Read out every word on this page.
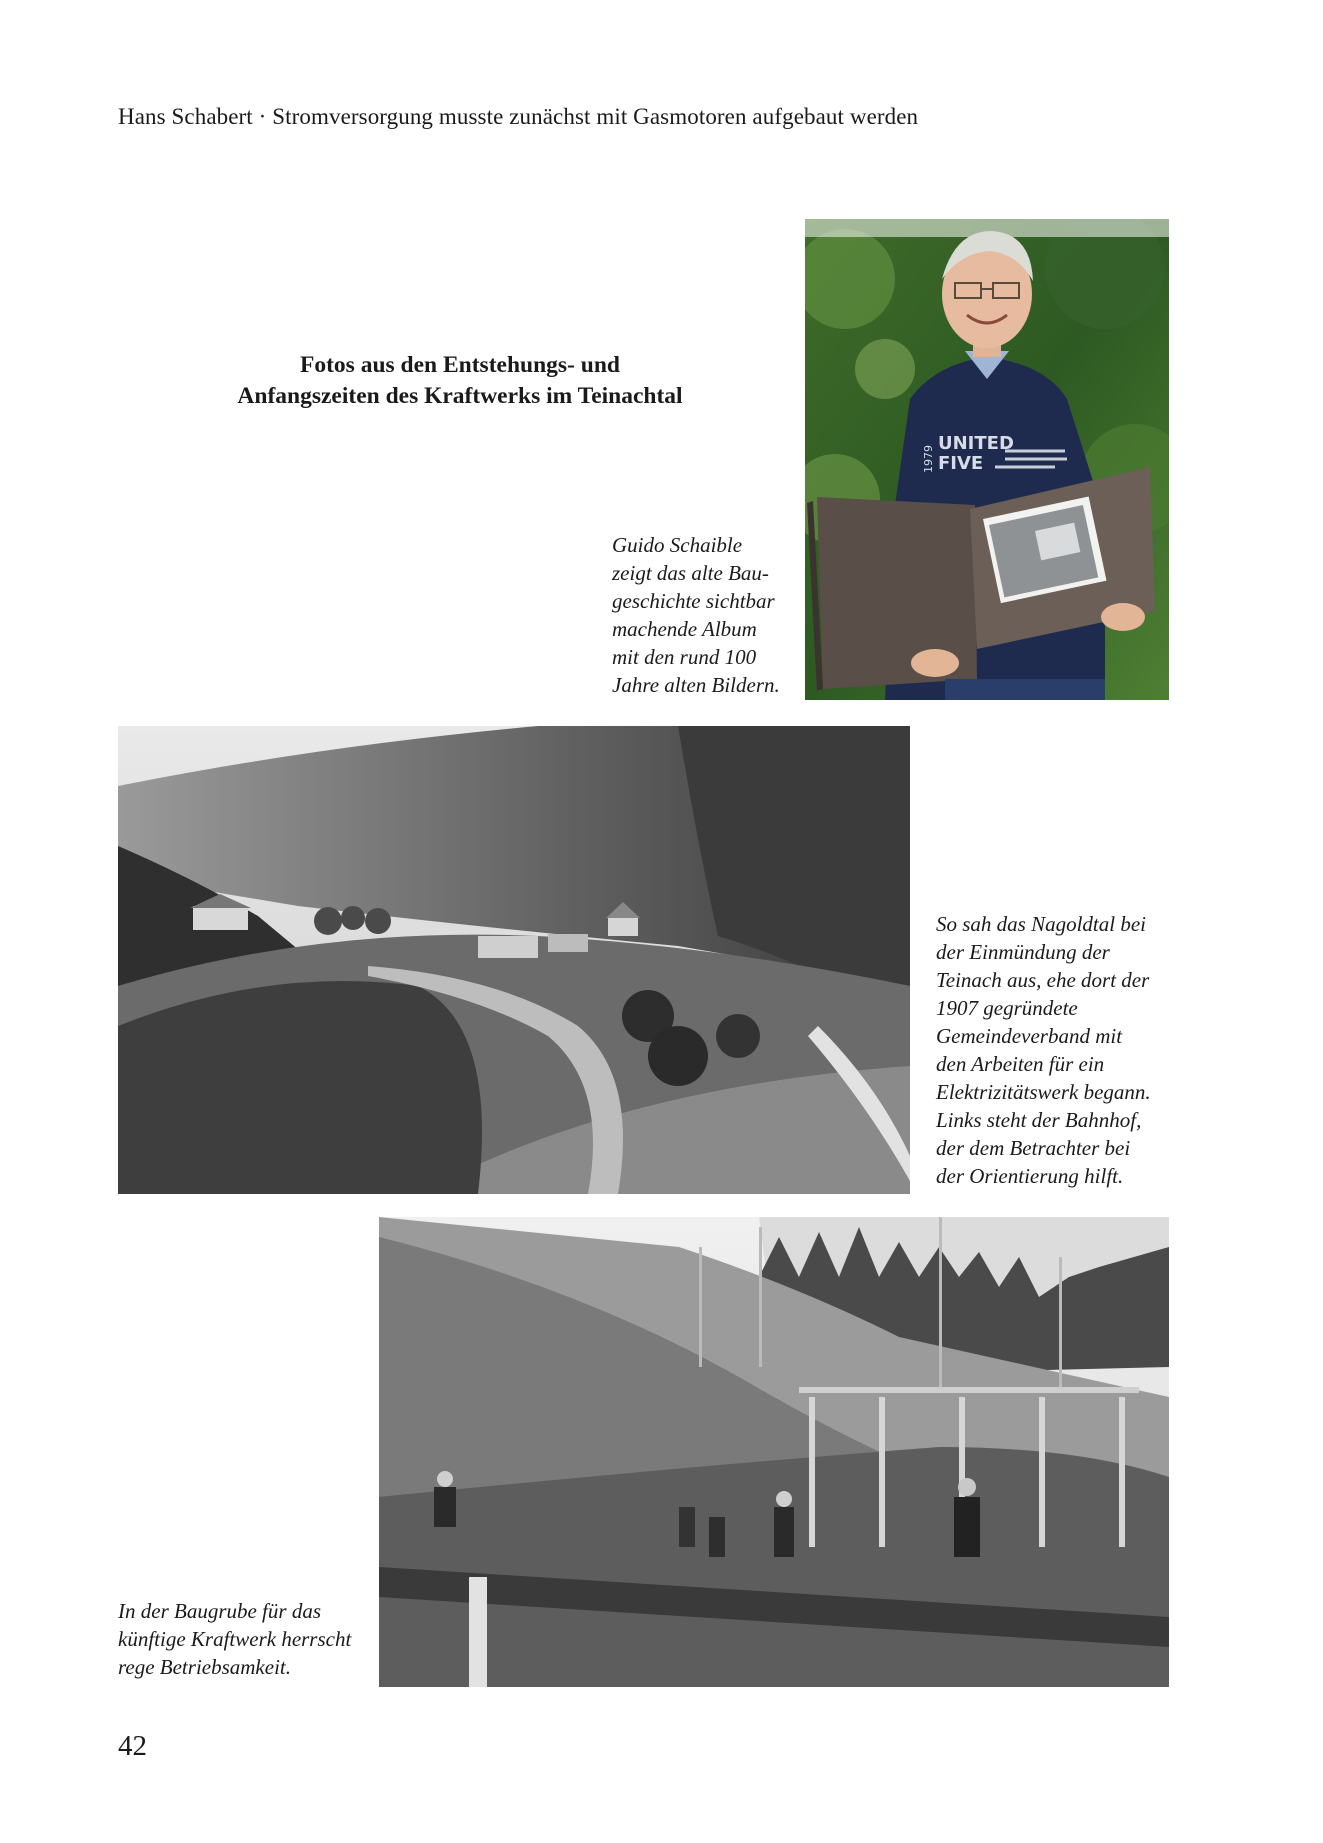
Hans Schabert · Stromversorgung musste zunächst mit Gasmotoren aufgebaut werden
Fotos aus den Entstehungs- und
Anfangszeiten des Kraftwerks im Teinachtal
UNITED
FIVE
1979
Guido Schaible
zeigt das alte Bau-
geschichte sichtbar
machende Album
mit den rund 100
Jahre alten Bildern.
So sah das Nagoldtal bei
der Einmündung der
Teinach aus, ehe dort der
1907 gegründete
Gemeindeverband mit
den Arbeiten für ein
Elektrizitätswerk begann.
Links steht der Bahnhof,
der dem Betrachter bei
der Orientierung hilft.
In der Baugrube für das
künftige Kraftwerk herrscht
rege Betriebsamkeit.
42
